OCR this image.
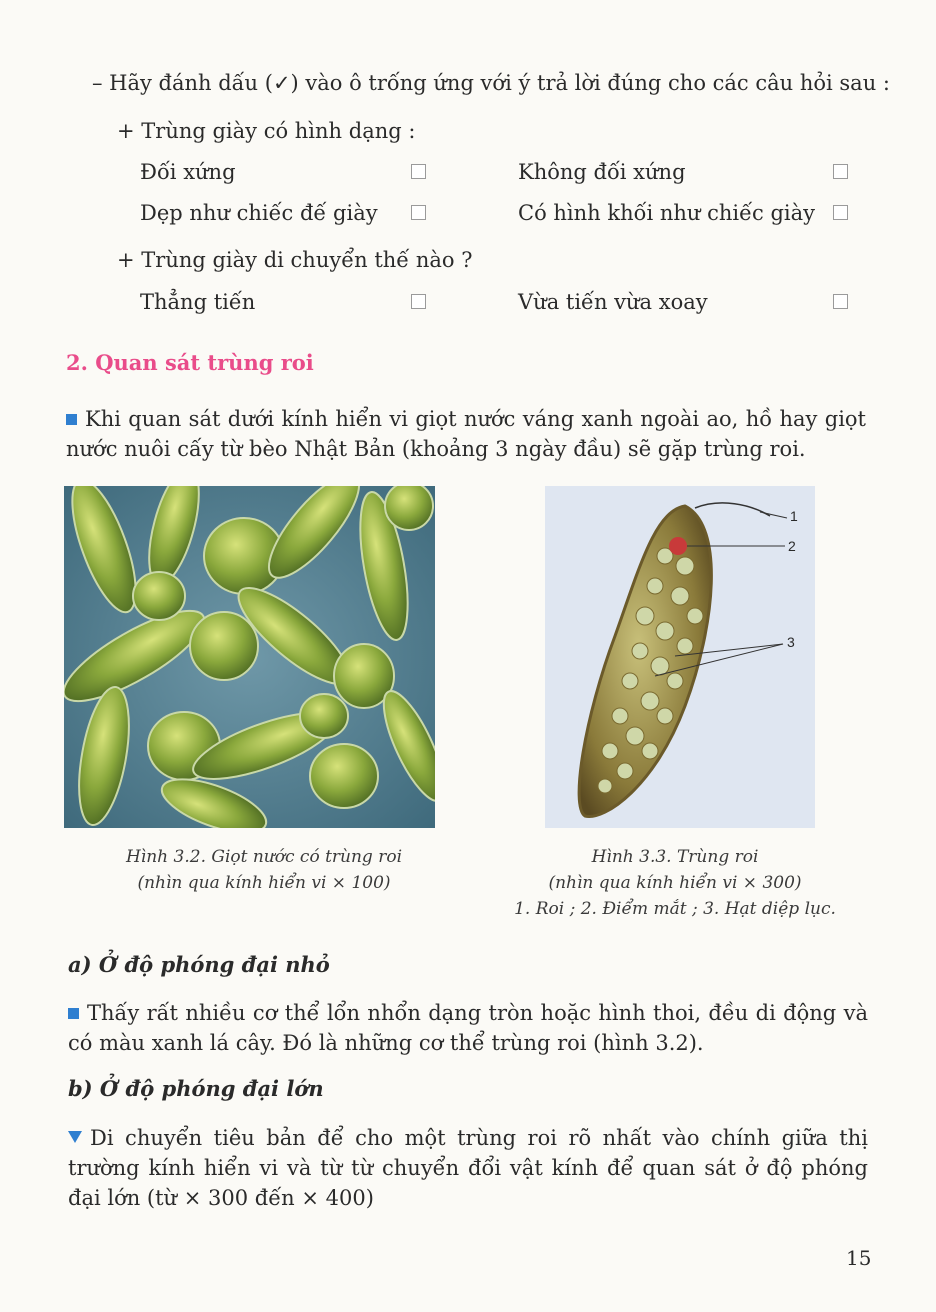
– Hãy đánh dấu (✓) vào ô trống ứng với ý trả lời đúng cho các câu hỏi sau :
+ Trùng giày có hình dạng :
Đối xứng	Không đối xứng
Dẹp như chiếc đế giày	Có hình khối như chiếc giày
+ Trùng giày di chuyển thế nào ?
Thẳng tiến	Vừa tiến vừa xoay
2. Quan sát trùng roi
Khi quan sát dưới kính hiển vi giọt nước váng xanh ngoài ao, hồ hay giọt nước nuôi cấy từ bèo Nhật Bản (khoảng 3 ngày đầu) sẽ gặp trùng roi.
1
2
3
Hình 3.2. Giọt nước có trùng roi
(nhìn qua kính hiển vi × 100)
Hình 3.3. Trùng roi
(nhìn qua kính hiển vi × 300)
1. Roi ; 2. Điểm mắt ; 3. Hạt diệp lục.
a) Ở độ phóng đại nhỏ
Thấy rất nhiều cơ thể lổn nhổn dạng tròn hoặc hình thoi, đều di động và có màu xanh lá cây. Đó là những cơ thể trùng roi (hình 3.2).
b) Ở độ phóng đại lớn
Di chuyển tiêu bản để cho một trùng roi rõ nhất vào chính giữa thị trường kính hiển vi và từ từ chuyển đổi vật kính để quan sát ở độ phóng đại lớn (từ × 300 đến × 400)
15
